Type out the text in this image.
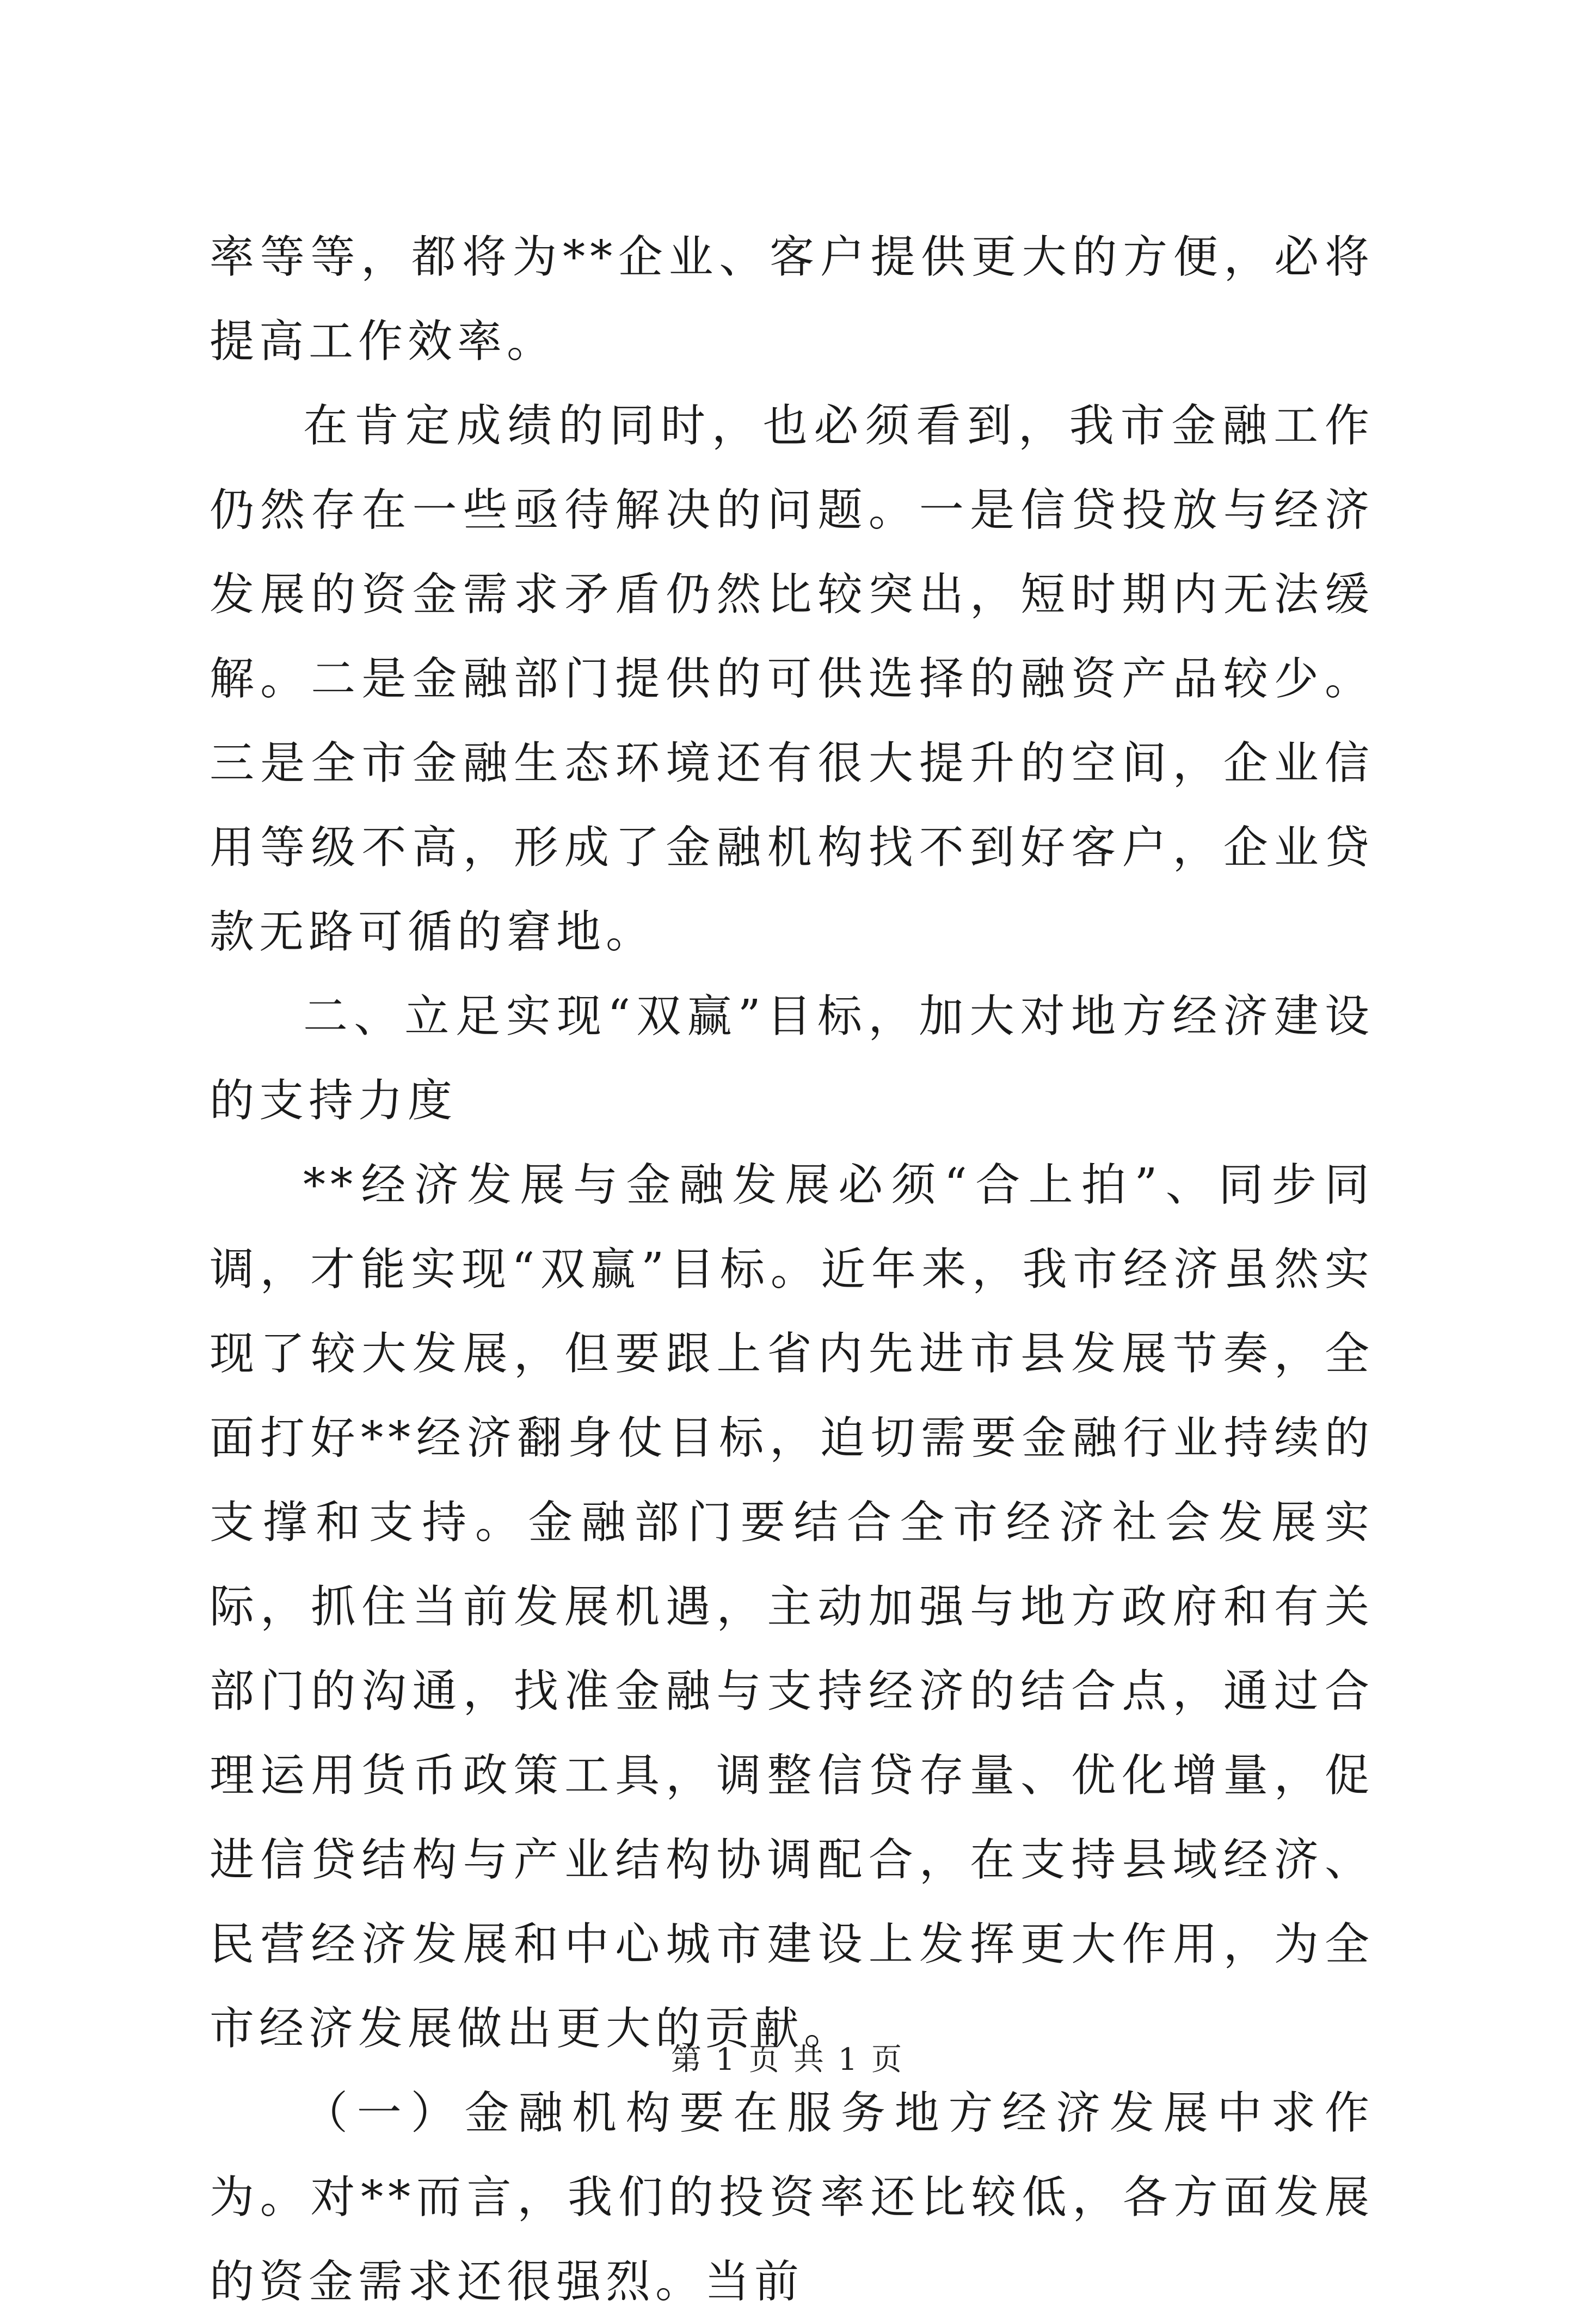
率等等，都将为**企业、客户提供更大的方便，必将提高工作效率。

在肯定成绩的同时，也必须看到，我市金融工作仍然存在一些亟待解决的问题。一是信贷投放与经济发展的资金需求矛盾仍然比较突出，短时期内无法缓解。二是金融部门提供的可供选择的融资产品较少。三是全市金融生态环境还有很大提升的空间，企业信用等级不高，形成了金融机构找不到好客户，企业贷款无路可循的窘地。

二、立足实现“双赢”目标，加大对地方经济建设的支持力度

**经济发展与金融发展必须“合上拍”、同步同调，才能实现“双赢”目标。近年来，我市经济虽然实现了较大发展，但要跟上省内先进市县发展节奏，全面打好**经济翻身仗目标，迫切需要金融行业持续的支撑和支持。金融部门要结合全市经济社会发展实际，抓住当前发展机遇，主动加强与地方政府和有关部门的沟通，找准金融与支持经济的结合点，通过合理运用货币政策工具，调整信贷存量、优化增量，促进信贷结构与产业结构协调配合，在支持县域经济、民营经济发展和中心城市建设上发挥更大作用，为全市经济发展做出更大的贡献。

（一）金融机构要在服务地方经济发展中求作为。对**而言，我们的投资率还比较低，各方面发展的资金需求还很强烈。当前

第 1 页 共 1 页
